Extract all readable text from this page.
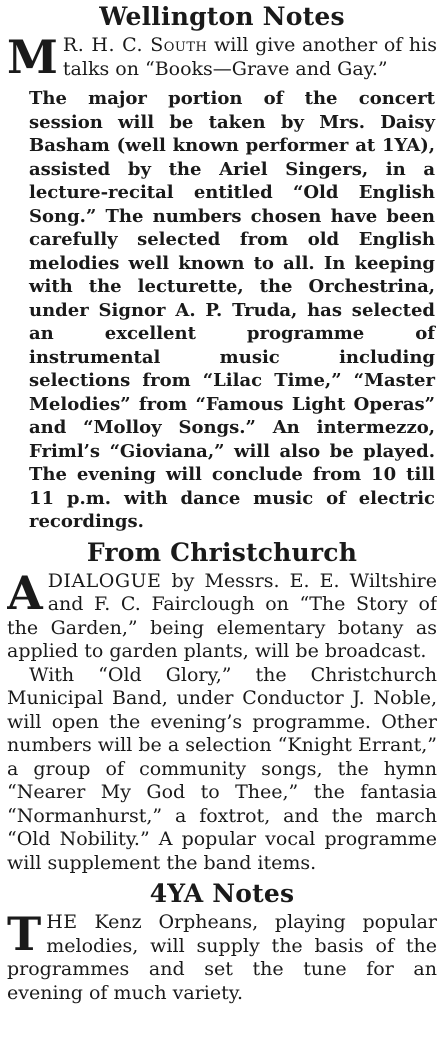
Wellington Notes

M R. H. C. South will give another of his talks on “Books—Grave and Gay.”

The major portion of the concert session will be taken by Mrs. Daisy Basham (well known performer at 1YA), assisted by the Ariel Singers, in a lecture-recital entitled “Old English Song.” The numbers chosen have been carefully selected from old English melodies well known to all. In keeping with the lecturette, the Orchestrina, under Signor A. P. Truda, has selected an excellent programme of instrumental music including selections from “Lilac Time,” “Master Melodies” from “Famous Light Operas” and “Molloy Songs.” An intermezzo, Friml’s “Gioviana,” will also be played. The evening will conclude from 10 till 11 p.m. with dance music of electric recordings.

From Christchurch

ADIALOGUE by Messrs. E. E. Wiltshire and F. C. Fairclough on “The Story of the Garden,” being elementary botany as applied to garden plants, will be broadcast.

With “Old Glory,” the Christchurch Municipal Band, under Conductor J. Noble, will open the evening’s programme. Other numbers will be a selection “Knight Errant,” a group of community songs, the hymn “Nearer My God to Thee,” the fantasia “Normanhurst,” a foxtrot, and the march “Old Nobility.” A popular vocal programme will supplement the band items.

4YA Notes

THE Kenz Orpheans, playing popular melodies, will supply the basis of the programmes and set the tune for an evening of much variety.
